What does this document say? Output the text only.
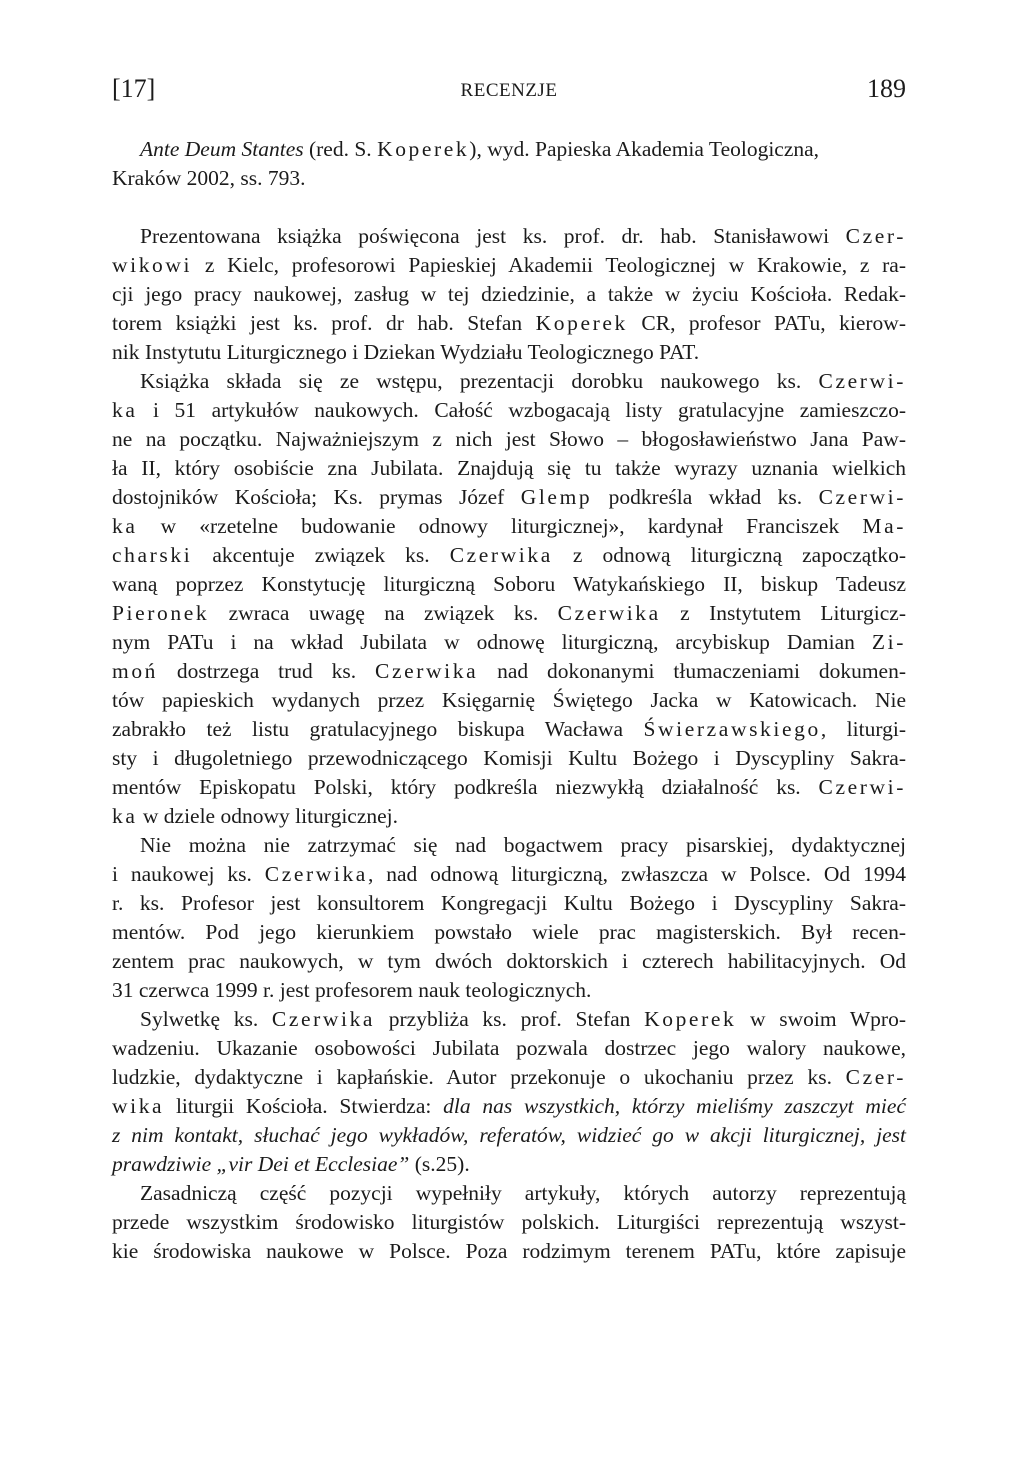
[17]	RECENZJE	189
Ante Deum Stantes (red. S. Koperek), wyd. Papieska Akademia Teologiczna,
Kraków 2002, ss. 793.
Prezentowana książka poświęcona jest ks. prof. dr. hab. Stanisławowi Czer-
wikowi z Kielc, profesorowi Papieskiej Akademii Teologicznej w Krakowie, z ra-
cji jego pracy naukowej, zasług w tej dziedzinie, a także w życiu Kościoła. Redak-
torem książki jest ks. prof. dr hab. Stefan Koperek CR, profesor PATu, kierow-
nik Instytutu Liturgicznego i Dziekan Wydziału Teologicznego PAT.
Książka składa się ze wstępu, prezentacji dorobku naukowego ks. Czerwi-
ka i 51 artykułów naukowych. Całość wzbogacają listy gratulacyjne zamieszczo-
ne na początku. Najważniejszym z nich jest Słowo – błogosławieństwo Jana Paw-
ła II, który osobiście zna Jubilata. Znajdują się tu także wyrazy uznania wielkich
dostojników Kościoła; Ks. prymas Józef Glemp podkreśla wkład ks. Czerwi-
ka w «rzetelne budowanie odnowy liturgicznej», kardynał Franciszek Ma-
charski akcentuje związek ks. Czerwika z odnową liturgiczną zapoczątko-
waną poprzez Konstytucję liturgiczną Soboru Watykańskiego II, biskup Tadeusz
Pieronek zwraca uwagę na związek ks. Czerwika z Instytutem Liturgicz-
nym PATu i na wkład Jubilata w odnowę liturgiczną, arcybiskup Damian Zi-
moń dostrzega trud ks. Czerwika nad dokonanymi tłumaczeniami dokumen-
tów papieskich wydanych przez Księgarnię Świętego Jacka w Katowicach. Nie
zabrakło też listu gratulacyjnego biskupa Wacława Świerzawskiego, liturgi-
sty i długoletniego przewodniczącego Komisji Kultu Bożego i Dyscypliny Sakra-
mentów Episkopatu Polski, który podkreśla niezwykłą działalność ks. Czerwi-
ka w dziele odnowy liturgicznej.
Nie można nie zatrzymać się nad bogactwem pracy pisarskiej, dydaktycznej
i naukowej ks. Czerwika, nad odnową liturgiczną, zwłaszcza w Polsce. Od 1994
r. ks. Profesor jest konsultorem Kongregacji Kultu Bożego i Dyscypliny Sakra-
mentów. Pod jego kierunkiem powstało wiele prac magisterskich. Był recen-
zentem prac naukowych, w tym dwóch doktorskich i czterech habilitacyjnych. Od
31 czerwca 1999 r. jest profesorem nauk teologicznych.
Sylwetkę ks. Czerwika przybliża ks. prof. Stefan Koperek w swoim Wpro-
wadzeniu. Ukazanie osobowości Jubilata pozwala dostrzec jego walory naukowe,
ludzkie, dydaktyczne i kapłańskie. Autor przekonuje o ukochaniu przez ks. Czer-
wika liturgii Kościoła. Stwierdza: dla nas wszystkich, którzy mieliśmy zaszczyt mieć
z nim kontakt, słuchać jego wykładów, referatów, widzieć go w akcji liturgicznej, jest
prawdziwie „vir Dei et Ecclesiae” (s.25).
Zasadniczą część pozycji wypełniły artykuły, których autorzy reprezentują
przede wszystkim środowisko liturgistów polskich. Liturgiści reprezentują wszyst-
kie środowiska naukowe w Polsce. Poza rodzimym terenem PATu, które zapisuje
